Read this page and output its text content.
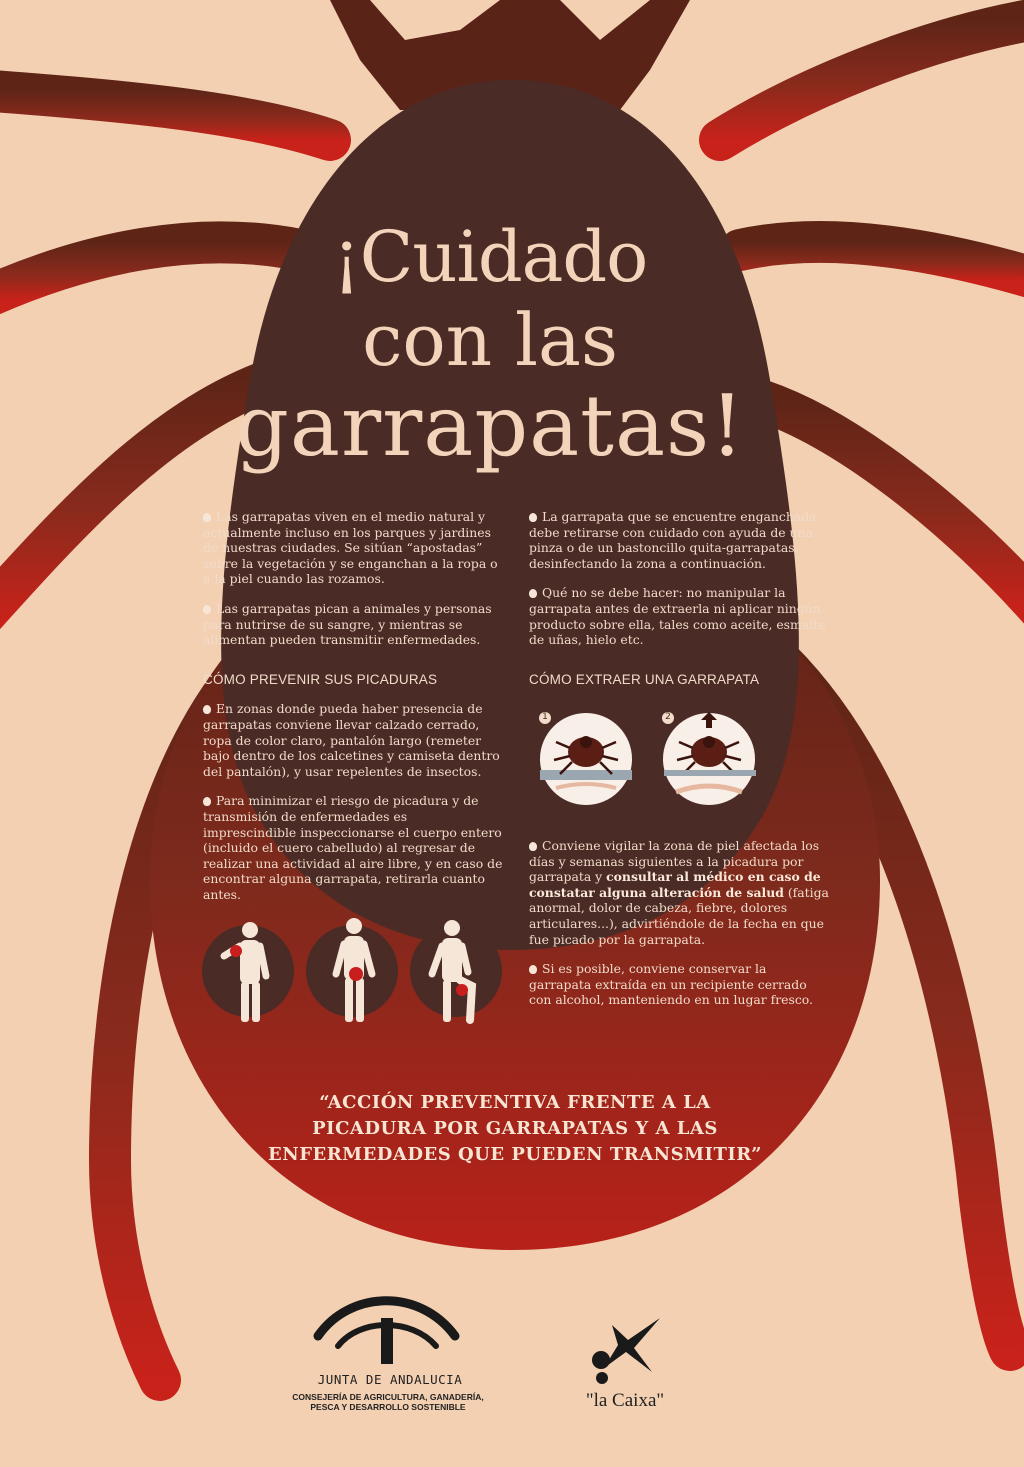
¡Cuidado
con las
garrapatas!

Las garrapatas viven en el medio natural y actualmente incluso en los parques y jardines de nuestras ciudades. Se sitúan “apostadas” sobre la vegetación y se enganchan a la ropa o a la piel cuando las rozamos.

Las garrapatas pican a animales y personas para nutrirse de su sangre, y mientras se alimentan pueden transmitir enfermedades.

CÓMO PREVENIR SUS PICADURAS

En zonas donde pueda haber presencia de garrapatas conviene llevar calzado cerrado, ropa de color claro, pantalón largo (remeter bajo dentro de los calcetines y camiseta dentro del pantalón), y usar repelentes de insectos.

Para minimizar el riesgo de picadura y de transmisión de enfermedades es imprescindible inspeccionarse el cuerpo entero (incluido el cuero cabelludo) al regresar de realizar una actividad al aire libre, y en caso de encontrar alguna garrapata, retirarla cuanto antes.

La garrapata que se encuentre enganchada debe retirarse con cuidado con ayuda de una pinza o de un bastoncillo quita-garrapatas, desinfectando la zona a continuación.

Qué no se debe hacer: no manipular la garrapata antes de extraerla ni aplicar ningún producto sobre ella, tales como aceite, esmalte de uñas, hielo etc.

CÓMO EXTRAER UNA GARRAPATA
1	2

Conviene vigilar la zona de piel afectada los días y semanas siguientes a la picadura por garrapata y consultar al médico en caso de constatar alguna alteración de salud (fatiga anormal, dolor de cabeza, fiebre, dolores articulares...), advirtiéndole de la fecha en que fue picado por la garrapata.

Si es posible, conviene conservar la garrapata extraída en un recipiente cerrado con alcohol, manteniendo en un lugar fresco.

“ACCIÓN PREVENTIVA FRENTE A LA PICADURA POR GARRAPATAS Y A LAS ENFERMEDADES QUE PUEDEN TRANSMITIR”
JUNTA DE ANDALUCIA
CONSEJERÍA DE AGRICULTURA, GANADERÍA, PESCA Y DESARROLLO SOSTENIBLE	"la Caixa"
